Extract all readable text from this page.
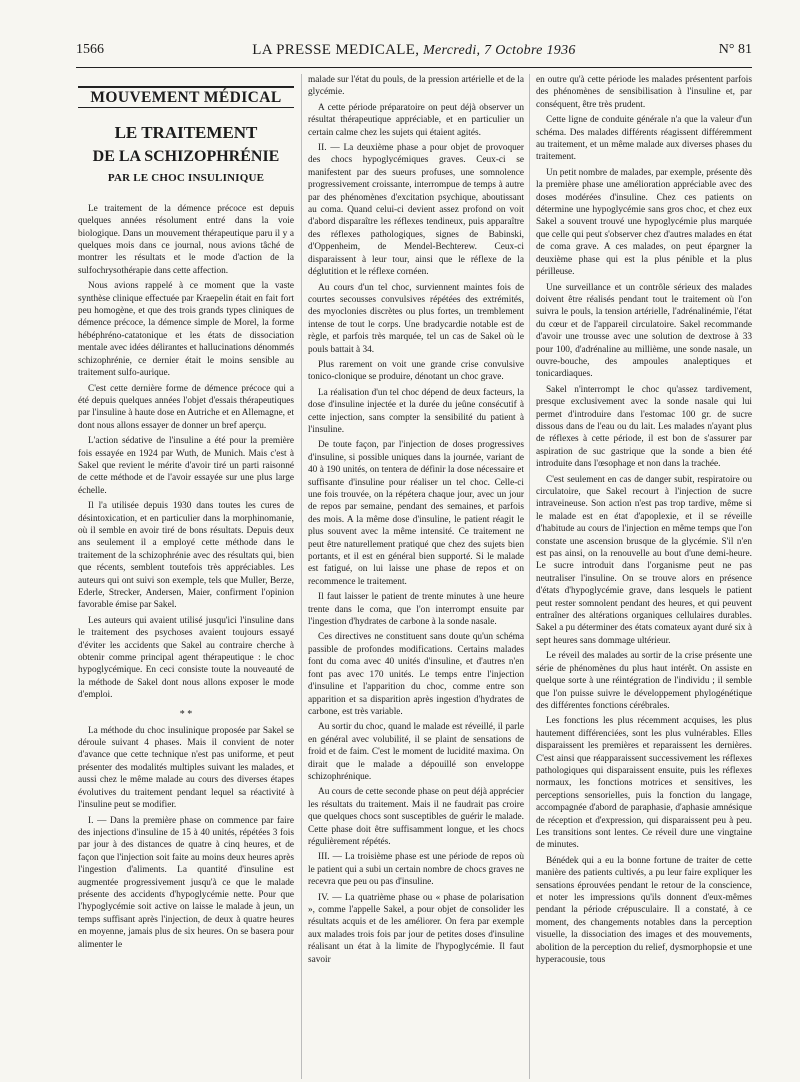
1566	LA PRESSE MEDICALE, Mercredi, 7 Octobre 1936	N° 81
MOUVEMENT MÉDICAL
LE TRAITEMENT
DE LA SCHIZOPHRÉNIE
PAR LE CHOC INSULINIQUE

Le traitement de la démence précoce est depuis quelques années résolument entré dans la voie biologique. Dans un mouvement thérapeutique paru il y a quelques mois dans ce journal, nous avions tâché de montrer les résultats et le mode d'action de la sulfochrysothérapie dans cette affection.

Nous avions rappelé à ce moment que la vaste synthèse clinique effectuée par Kraepelin était en fait fort peu homogène, et que des trois grands types cliniques de démence précoce, la démence simple de Morel, la forme hébéphréno-catatonique et les états de dissociation mentale avec idées délirantes et hallucinations dénommés schizophrénie, ce dernier était le moins sensible au traitement sulfo-aurique.

C'est cette dernière forme de démence précoce qui a été depuis quelques années l'objet d'essais thérapeutiques par l'insuline à haute dose en Autriche et en Allemagne, et dont nous allons essayer de donner un bref aperçu.

L'action sédative de l'insuline a été pour la première fois essayée en 1924 par Wuth, de Munich. Mais c'est à Sakel que revient le mérite d'avoir tiré un parti raisonné de cette méthode et de l'avoir essayée sur une plus large échelle.

Il l'a utilisée depuis 1930 dans toutes les cures de désintoxication, et en particulier dans la morphinomanie, où il semble en avoir tiré de bons résultats. Depuis deux ans seulement il a employé cette méthode dans le traitement de la schizophrénie avec des résultats qui, bien que récents, semblent toutefois très appréciables. Les auteurs qui ont suivi son exemple, tels que Muller, Berze, Ederle, Strecker, Andersen, Maier, confirment l'opinion favorable émise par Sakel.

Les auteurs qui avaient utilisé jusqu'ici l'insuline dans le traitement des psychoses avaient toujours essayé d'éviter les accidents que Sakel au contraire cherche à obtenir comme principal agent thérapeutique : le choc hypoglycémique. En ceci consiste toute la nouveauté de la méthode de Sakel dont nous allons exposer le mode d'emploi.

* *

La méthode du choc insulinique proposée par Sakel se déroule suivant 4 phases. Mais il convient de noter d'avance que cette technique n'est pas uniforme, et peut présenter des modalités multiples suivant les malades, et aussi chez le même malade au cours des diverses étapes évolutives du traitement pendant lequel sa réactivité à l'insuline peut se modifier.

I. — Dans la première phase on commence par faire des injections d'insuline de 15 à 40 unités, répétées 3 fois par jour à des distances de quatre à cinq heures, et de façon que l'injection soit faite au moins deux heures après l'ingestion d'aliments. La quantité d'insuline est augmentée progressivement jusqu'à ce que le malade présente des accidents d'hypoglycémie nette. Pour que l'hypoglycémie soit active on laisse le malade à jeun, un temps suffisant après l'injection, de deux à quatre heures en moyenne, jamais plus de six heures. On se basera pour alimenter le

malade sur l'état du pouls, de la pression artérielle et de la glycémie.

A cette période préparatoire on peut déjà observer un résultat thérapeutique appréciable, et en particulier un certain calme chez les sujets qui étaient agités.

II. — La deuxième phase a pour objet de provoquer des chocs hypoglycémiques graves. Ceux-ci se manifestent par des sueurs profuses, une somnolence progressivement croissante, interrompue de temps à autre par des phénomènes d'excitation psychique, aboutissant au coma. Quand celui-ci devient assez profond on voit d'abord disparaître les réflexes tendineux, puis apparaître des réflexes pathologiques, signes de Babinski, d'Oppenheim, de Mendel-Bechterew. Ceux-ci disparaissent à leur tour, ainsi que le réflexe de la déglutition et le réflexe cornéen.

Au cours d'un tel choc, surviennent maintes fois de courtes secousses convulsives répétées des extrémités, des myoclonies discrètes ou plus fortes, un tremblement intense de tout le corps. Une bradycardie notable est de règle, et parfois très marquée, tel un cas de Sakel où le pouls battait à 34.

Plus rarement on voit une grande crise convulsive tonico-clonique se produire, dénotant un choc grave.

La réalisation d'un tel choc dépend de deux facteurs, la dose d'insuline injectée et la durée du jeûne consécutif à cette injection, sans compter la sensibilité du patient à l'insuline.

De toute façon, par l'injection de doses progressives d'insuline, si possible uniques dans la journée, variant de 40 à 190 unités, on tentera de définir la dose nécessaire et suffisante d'insuline pour réaliser un tel choc. Celle-ci une fois trouvée, on la répétera chaque jour, avec un jour de repos par semaine, pendant des semaines, et parfois des mois. A la même dose d'insuline, le patient réagit le plus souvent avec la même intensité. Ce traitement ne peut être naturellement pratiqué que chez des sujets bien portants, et il est en général bien supporté. Si le malade est fatigué, on lui laisse une phase de repos et on recommence le traitement.

Il faut laisser le patient de trente minutes à une heure trente dans le coma, que l'on interrompt ensuite par l'ingestion d'hydrates de carbone à la sonde nasale.

Ces directives ne constituent sans doute qu'un schéma passible de profondes modifications. Certains malades font du coma avec 40 unités d'insuline, et d'autres n'en font pas avec 170 unités. Le temps entre l'injection d'insuline et l'apparition du choc, comme entre son apparition et sa disparition après ingestion d'hydrates de carbone, est très variable.

Au sortir du choc, quand le malade est réveillé, il parle en général avec volubilité, il se plaint de sensations de froid et de faim. C'est le moment de lucidité maxima. On dirait que le malade a dépouillé son enveloppe schizophrénique.

Au cours de cette seconde phase on peut déjà apprécier les résultats du traitement. Mais il ne faudrait pas croire que quelques chocs sont susceptibles de guérir le malade. Cette phase doit être suffisamment longue, et les chocs régulièrement répétés.

III. — La troisième phase est une période de repos où le patient qui a subi un certain nombre de chocs graves ne recevra que peu ou pas d'insuline.

IV. — La quatrième phase ou « phase de polarisation », comme l'appelle Sakel, a pour objet de consolider les résultats acquis et de les améliorer. On fera par exemple aux malades trois fois par jour de petites doses d'insuline réalisant un état à la limite de l'hypoglycémie. Il faut savoir

en outre qu'à cette période les malades présentent parfois des phénomènes de sensibilisation à l'insuline et, par conséquent, être très prudent.

Cette ligne de conduite générale n'a que la valeur d'un schéma. Des malades différents réagissent différemment au traitement, et un même malade aux diverses phases du traitement.

Un petit nombre de malades, par exemple, présente dès la première phase une amélioration appréciable avec des doses modérées d'insuline. Chez ces patients on détermine une hypoglycémie sans gros choc, et chez eux Sakel a souvent trouvé une hypoglycémie plus marquée que celle qui peut s'observer chez d'autres malades en état de coma grave. A ces malades, on peut épargner la deuxième phase qui est la plus pénible et la plus périlleuse.

Une surveillance et un contrôle sérieux des malades doivent être réalisés pendant tout le traitement où l'on suivra le pouls, la tension artérielle, l'adrénalinémie, l'état du cœur et de l'appareil circulatoire. Sakel recommande d'avoir une trousse avec une solution de dextrose à 33 pour 100, d'adrénaline au millième, une sonde nasale, un ouvre-bouche, des ampoules analeptiques et tonicardiaques.

Sakel n'interrompt le choc qu'assez tardivement, presque exclusivement avec la sonde nasale qui lui permet d'introduire dans l'estomac 100 gr. de sucre dissous dans de l'eau ou du lait. Les malades n'ayant plus de réflexes à cette période, il est bon de s'assurer par aspiration de suc gastrique que la sonde a bien été introduite dans l'œsophage et non dans la trachée.

C'est seulement en cas de danger subit, respiratoire ou circulatoire, que Sakel recourt à l'injection de sucre intraveineuse. Son action n'est pas trop tardive, même si le malade est en état d'apoplexie, et il se réveille d'habitude au cours de l'injection en même temps que l'on constate une ascension brusque de la glycémie. S'il n'en est pas ainsi, on la renouvelle au bout d'une demi-heure. Le sucre introduit dans l'organisme peut ne pas neutraliser l'insuline. On se trouve alors en présence d'états d'hypoglycémie grave, dans lesquels le patient peut rester somnolent pendant des heures, et qui peuvent entraîner des altérations organiques cellulaires durables. Sakel a pu déterminer des états comateux ayant duré six à sept heures sans dommage ultérieur.

Le réveil des malades au sortir de la crise présente une série de phénomènes du plus haut intérêt. On assiste en quelque sorte à une réintégration de l'individu ; il semble que l'on puisse suivre le développement phylogénétique des différentes fonctions cérébrales.

Les fonctions les plus récemment acquises, les plus hautement différenciées, sont les plus vulnérables. Elles disparaissent les premières et reparaissent les dernières. C'est ainsi que réapparaissent successivement les réflexes pathologiques qui disparaissent ensuite, puis les réflexes normaux, les fonctions motrices et sensitives, les perceptions sensorielles, puis la fonction du langage, accompagnée d'abord de paraphasie, d'aphasie amnésique de réception et d'expression, qui disparaissent peu à peu. Les transitions sont lentes. Ce réveil dure une vingtaine de minutes.

Bénédek qui a eu la bonne fortune de traiter de cette manière des patients cultivés, a pu leur faire expliquer les sensations éprouvées pendant le retour de la conscience, et noter les impressions qu'ils donnent d'eux-mêmes pendant la période crépusculaire. Il a constaté, à ce moment, des changements notables dans la perception visuelle, la dissociation des images et des mouvements, abolition de la perception du relief, dysmorphopsie et une hyperacousie, tous
